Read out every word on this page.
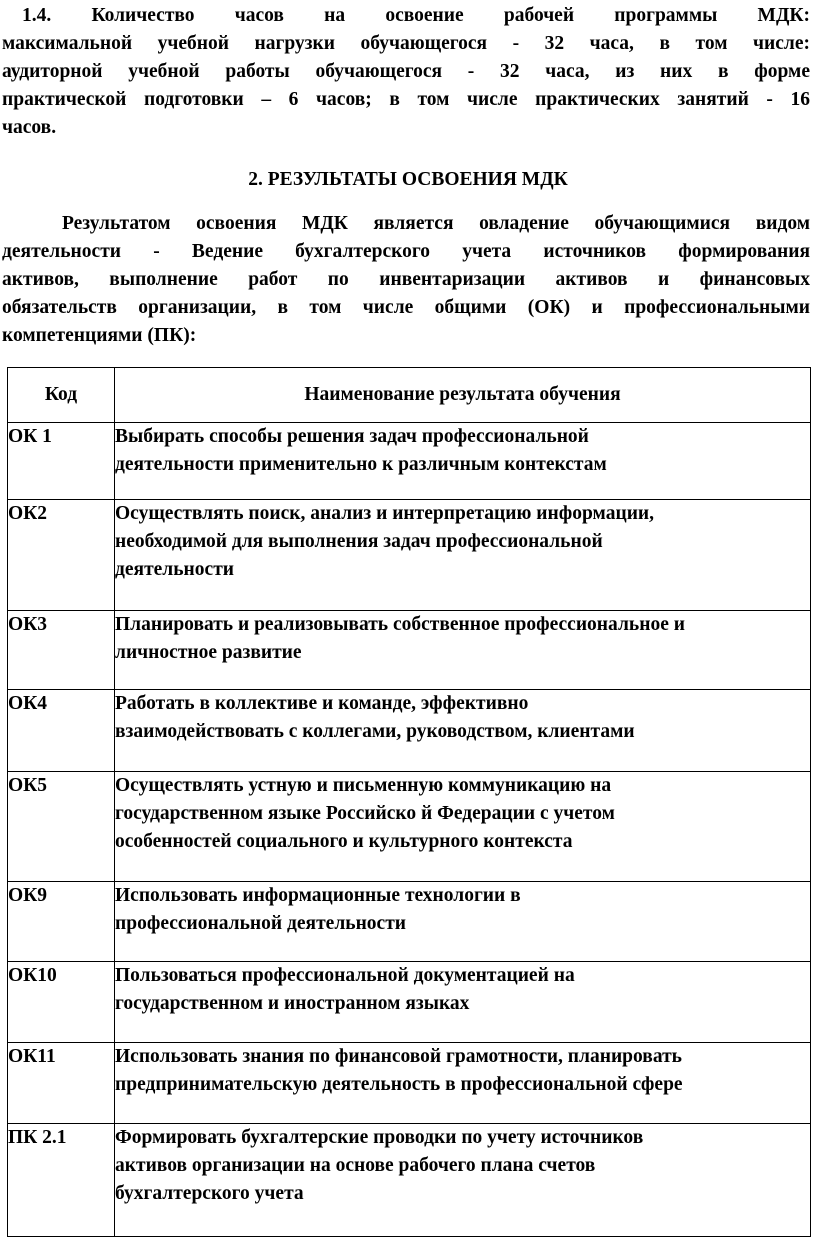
1.4. Количество часов на освоение рабочей программы МДК:
максимальной учебной нагрузки обучающегося - 32 часа, в том числе:
аудиторной учебной работы обучающегося - 32 часа, из них в форме
практической подготовки – 6 часов; в том числе практических занятий - 16
часов.
2. РЕЗУЛЬТАТЫ ОСВОЕНИЯ МДК
Результатом освоения МДК является овладение обучающимися видом
деятельности - Ведение бухгалтерского учета источников формирования
активов, выполнение работ по инвентаризации активов и финансовых
обязательств организации, в том числе общими (ОК) и профессиональными
компетенциями (ПК):
Код	Наименование результата обучения
ОК 1	Выбирать способы решения задач профессиональной
деятельности применительно к различным контекстам

ОК2	Осуществлять поиск, анализ и интерпретацию информации,
необходимой для выполнения задач профессиональной
деятельности

ОК3	Планировать и реализовывать собственное профессиональное и
личностное развитие

ОК4	Работать в коллективе и команде, эффективно
взаимодействовать с коллегами, руководством, клиентами

ОК5	Осуществлять устную и письменную коммуникацию на
государственном языке Российско й Федерации с учетом
особенностей социального и культурного контекста

ОК9	Использовать информационные технологии в
профессиональной деятельности

ОК10	Пользоваться профессиональной документацией на
государственном и иностранном языках

ОК11	Использовать знания по финансовой грамотности, планировать
предпринимательскую деятельность в профессиональной сфере

ПК 2.1	Формировать бухгалтерские проводки по учету источников
активов организации на основе рабочего плана счетов
бухгалтерского учета
